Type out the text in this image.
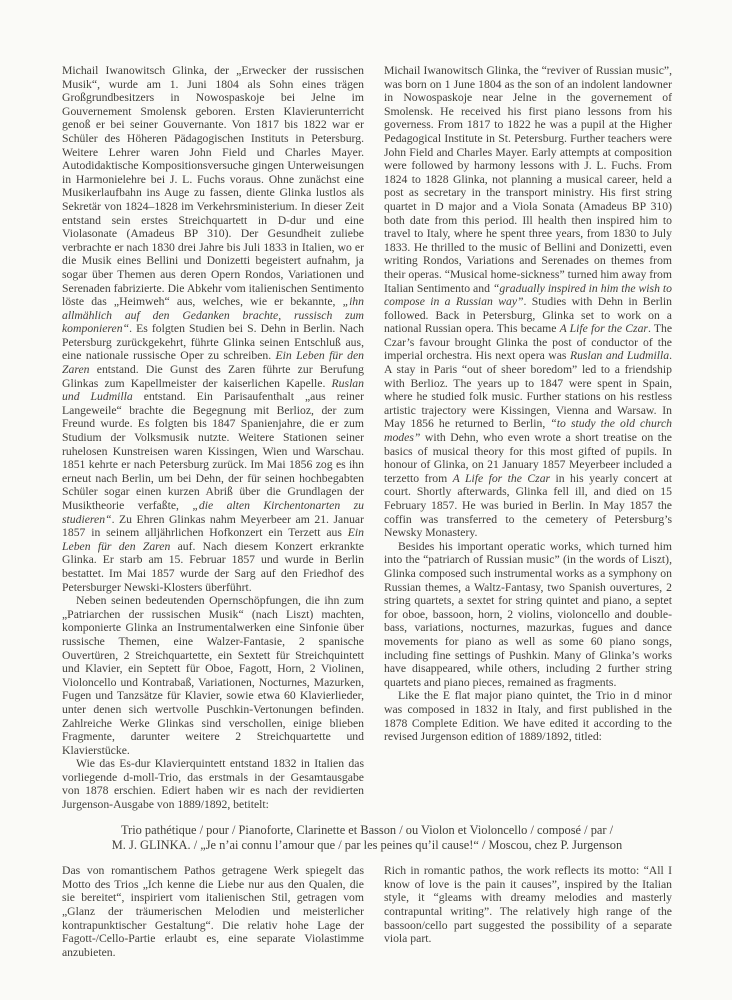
Michail Iwanowitsch Glinka, der „Erwecker der russischen Musik“, wurde am 1. Juni 1804 als Sohn eines trägen Großgrundbesitzers in Nowospaskoje bei Jelne im Gouvernement Smolensk geboren. Ersten Klavierunterricht genoß er bei seiner Gouvernante. Von 1817 bis 1822 war er Schüler des Höheren Pädagogischen Instituts in Petersburg. Weitere Lehrer waren John Field und Charles Mayer. Autodidaktische Kompositionsversuche gingen Unterweisungen in Harmonielehre bei J. L. Fuchs voraus. Ohne zunächst eine Musikerlaufbahn ins Auge zu fassen, diente Glinka lustlos als Sekretär von 1824–1828 im Verkehrsministerium. In dieser Zeit entstand sein erstes Streichquartett in D-dur und eine Violasonate (Amadeus BP 310). Der Gesundheit zuliebe verbrachte er nach 1830 drei Jahre bis Juli 1833 in Italien, wo er die Musik eines Bellini und Donizetti begeistert aufnahm, ja sogar über Themen aus deren Opern Rondos, Variationen und Serenaden fabrizierte. Die Abkehr vom italienischen Sentimento löste das „Heimweh“ aus, welches, wie er bekannte, „ihn allmählich auf den Gedanken brachte, russisch zum komponieren“. Es folgten Studien bei S. Dehn in Berlin. Nach Petersburg zurückgekehrt, führte Glinka seinen Entschluß aus, eine nationale russische Oper zu schreiben. Ein Leben für den Zaren entstand. Die Gunst des Zaren führte zur Berufung Glinkas zum Kapellmeister der kaiserlichen Kapelle. Ruslan und Ludmilla entstand. Ein Parisaufenthalt „aus reiner Langeweile“ brachte die Begegnung mit Berlioz, der zum Freund wurde. Es folgten bis 1847 Spanienjahre, die er zum Studium der Volksmusik nutzte. Weitere Stationen seiner ruhelosen Kunstreisen waren Kissingen, Wien und Warschau. 1851 kehrte er nach Petersburg zurück. Im Mai 1856 zog es ihn erneut nach Berlin, um bei Dehn, der für seinen hochbegabten Schüler sogar einen kurzen Abriß über die Grundlagen der Musiktheorie verfaßte, „die alten Kirchentonarten zu studieren“. Zu Ehren Glinkas nahm Meyerbeer am 21. Januar 1857 in seinem alljährlichen Hofkonzert ein Terzett aus Ein Leben für den Zaren auf. Nach diesem Konzert erkrankte Glinka. Er starb am 15. Februar 1857 und wurde in Berlin bestattet. Im Mai 1857 wurde der Sarg auf den Friedhof des Petersburger Newski-Klosters überführt.

Neben seinen bedeutenden Opernschöpfungen, die ihn zum „Patriarchen der russischen Musik“ (nach Liszt) machten, komponierte Glinka an Instrumentalwerken eine Sinfonie über russische Themen, eine Walzer-Fantasie, 2 spanische Ouvertüren, 2 Streichquartette, ein Sextett für Streichquintett und Klavier, ein Septett für Oboe, Fagott, Horn, 2 Violinen, Violoncello und Kontrabaß, Variationen, Nocturnes, Mazurken, Fugen und Tanzsätze für Klavier, sowie etwa 60 Klavierlieder, unter denen sich wertvolle Puschkin-Vertonungen befinden. Zahlreiche Werke Glinkas sind verschollen, einige blieben Fragmente, darunter weitere 2 Streichquartette und Klavierstücke.

Wie das Es-dur Klavierquintett entstand 1832 in Italien das vorliegende d-moll-Trio, das erstmals in der Gesamtausgabe von 1878 erschien. Ediert haben wir es nach der revidierten Jurgenson-Ausgabe von 1889/1892, betitelt:

Michail Iwanowitsch Glinka, the “reviver of Russian music”, was born on 1 June 1804 as the son of an indolent landowner in Nowospaskoje near Jelne in the governement of Smolensk. He received his first piano lessons from his governess. From 1817 to 1822 he was a pupil at the Higher Pedagogical Institute in St. Petersburg. Further teachers were John Field and Charles Mayer. Early attempts at composition were followed by harmony lessons with J. L. Fuchs. From 1824 to 1828 Glinka, not planning a musical career, held a post as secretary in the transport ministry. His first string quartet in D major and a Viola Sonata (Amadeus BP 310) both date from this period. Ill health then inspired him to travel to Italy, where he spent three years, from 1830 to July 1833. He thrilled to the music of Bellini and Donizetti, even writing Rondos, Variations and Serenades on themes from their operas. “Musical home-sickness” turned him away from Italian Sentimento and “gradually inspired in him the wish to compose in a Russian way”. Studies with Dehn in Berlin followed. Back in Petersburg, Glinka set to work on a national Russian opera. This became A Life for the Czar. The Czar’s favour brought Glinka the post of conductor of the imperial orchestra. His next opera was Ruslan and Ludmilla. A stay in Paris “out of sheer boredom” led to a friendship with Berlioz. The years up to 1847 were spent in Spain, where he studied folk music. Further stations on his restless artistic trajectory were Kissingen, Vienna and Warsaw. In May 1856 he returned to Berlin, “to study the old church modes” with Dehn, who even wrote a short treatise on the basics of musical theory for this most gifted of pupils. In honour of Glinka, on 21 January 1857 Meyerbeer included a terzetto from A Life for the Czar in his yearly concert at court. Shortly afterwards, Glinka fell ill, and died on 15 February 1857. He was buried in Berlin. In May 1857 the coffin was transferred to the cemetery of Petersburg’s Newsky Monastery.

Besides his important operatic works, which turned him into the “patriarch of Russian music” (in the words of Liszt), Glinka composed such instrumental works as a symphony on Russian themes, a Waltz-Fantasy, two Spanish ouvertures, 2 string quartets, a sextet for string quintet and piano, a septet for oboe, bassoon, horn, 2 violins, violoncello and double-bass, variations, nocturnes, mazurkas, fugues and dance movements for piano as well as some 60 piano songs, including fine settings of Pushkin. Many of Glinka’s works have disappeared, while others, including 2 further string quartets and piano pieces, remained as fragments.

Like the E flat major piano quintet, the Trio in d minor was composed in 1832 in Italy, and first published in the 1878 Complete Edition. We have edited it according to the revised Jurgenson edition of 1889/1892, titled:

Trio pathétique / pour / Pianoforte, Clarinette et Basson / ou Violon et Violoncello / composé / par /

M. J. GLINKA. / „Je n’ai connu l’amour que / par les peines qu’il cause!“ / Moscou, chez P. Jurgenson

Das von romantischem Pathos getragene Werk spiegelt das Motto des Trios „Ich kenne die Liebe nur aus den Qualen, die sie bereitet“, inspiriert vom italienischen Stil, getragen vom „Glanz der träumerischen Melodien und meisterlicher kontrapunktischer Gestaltung“. Die relativ hohe Lage der Fagott-/Cello-Partie erlaubt es, eine separate Violastimme anzubieten.

Rich in romantic pathos, the work reflects its motto: “All I know of love is the pain it causes”, inspired by the Italian style, it “gleams with dreamy melodies and masterly contrapuntal writing”. The relatively high range of the bassoon/cello part suggested the possibility of a separate viola part.
